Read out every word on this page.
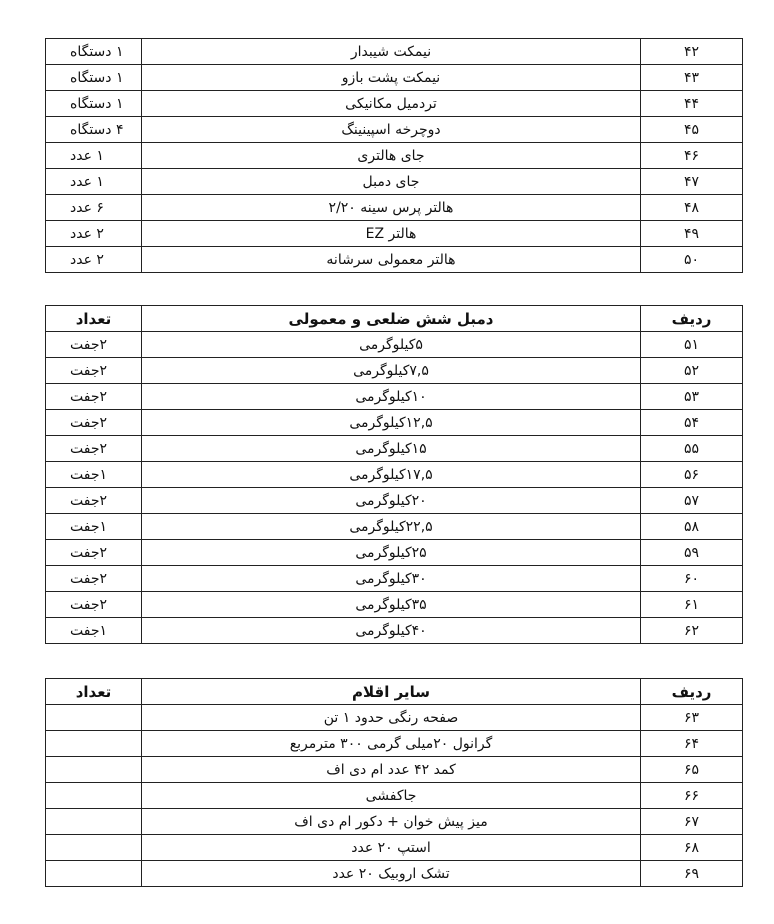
۴۲	نیمکت شیبدار	۱ دستگاه
۴۳	نیمکت پشت بازو	۱ دستگاه
۴۴	تردمیل مکانیکی	۱ دستگاه
۴۵	دوچرخه اسپینینگ	۴ دستگاه
۴۶	جای هالتری	۱ عدد
۴۷	جای دمبل	۱ عدد
۴۸	هالتر پرس سینه ۲/۲۰	۶ عدد
۴۹	هالتر EZ	۲ عدد
۵۰	هالتر معمولی سرشانه	۲ عدد
ردیف	دمبل شش ضلعی و معمولی	تعداد
۵۱	۵کیلوگرمی	۲جفت
۵۲	۷,۵کیلوگرمی	۲جفت
۵۳	۱۰کیلوگرمی	۲جفت
۵۴	۱۲,۵کیلوگرمی	۲جفت
۵۵	۱۵کیلوگرمی	۲جفت
۵۶	۱۷,۵کیلوگرمی	۱جفت
۵۷	۲۰کیلوگرمی	۲جفت
۵۸	۲۲,۵کیلوگرمی	۱جفت
۵۹	۲۵کیلوگرمی	۲جفت
۶۰	۳۰کیلوگرمی	۲جفت
۶۱	۳۵کیلوگرمی	۲جفت
۶۲	۴۰کیلوگرمی	۱جفت
ردیف	سایر اقلام	تعداد
۶۳	صفحه رنگی حدود ۱ تن	
۶۴	گرانول ۲۰میلی گرمی ۳۰۰ مترمربع	
۶۵	کمد ۴۲ عدد ام دی اف	
۶۶	جاکفشی	
۶۷	میز پیش خوان + دکور ام دی اف	
۶۸	استپ ۲۰ عدد	
۶۹	تشک اروبیک ۲۰ عدد	
